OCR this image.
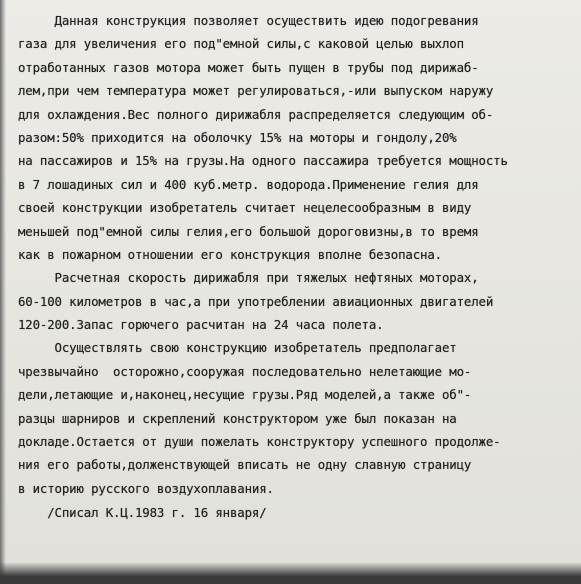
Данная конструкция позволяет осуществить идею подогревания
газа для увеличения его под"емной силы,с каковой целью выхлоп
отработанных газов мотора может быть пущен в трубы под дирижаб-
лем,при чем температура может регулироваться,-или выпуском наружу
для охлаждения.Вес полного дирижабля распределяется следующим об-
разом:50% приходится на оболочку 15% на моторы и гондолу,20%
на пассажиров и 15% на грузы.На одного пассажира требуется мощность
в 7 лошадиных сил и 400 куб.метр. водорода.Применение гелия для
своей конструкции изобретатель считает нецелесообразным в виду
меньшей под"емной силы гелия,его большой дороговизны,в то время
как в пожарном отношении его конструкция вполне безопасна.
Расчетная скорость дирижабля при тяжелых нефтяных моторах,
60-100 километров в час,а при употреблении авиационных двигателей
120-200.Запас горючего расчитан на 24 часа полета.
Осуществлять свою конструкцию изобретатель предполагает
чрезвычайно  осторожно,сооружая последовательно нелетающие мо-
дели,летающие и,наконец,несущие грузы.Ряд моделей,а также об"-
разцы шарниров и скреплений конструктором уже был показан на
докладе.Остается от души пожелать конструктору успешного продолже-
ния его работы,долженствующей вписать не одну славную страницу
в историю русского воздухоплавания.
/Списал К.Ц.1983 г. 16 января/
